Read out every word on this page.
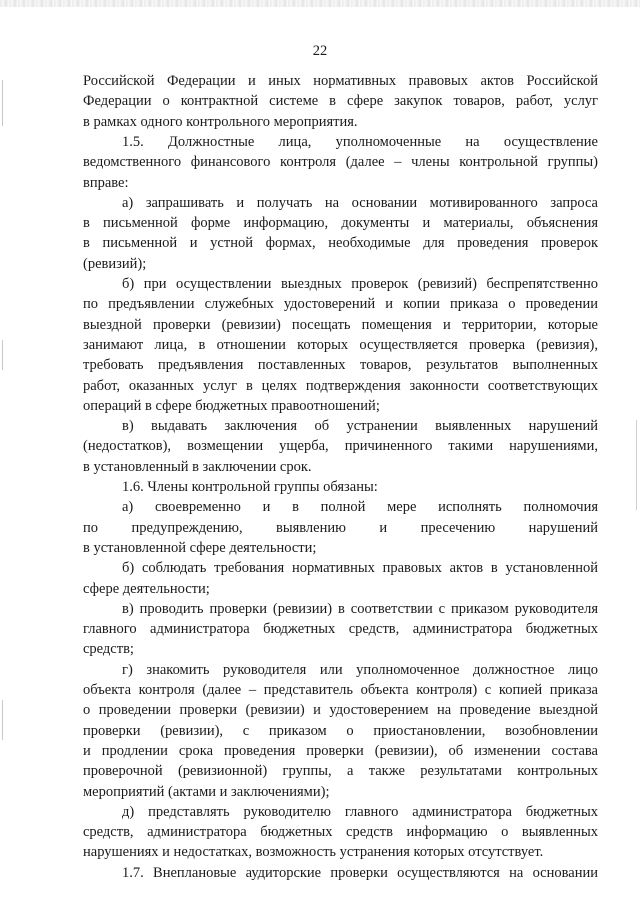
22
Российской Федерации и иных нормативных правовых актов Российской
Федерации о контрактной системе в сфере закупок товаров, работ, услуг
в рамках одного контрольного мероприятия.
1.5. Должностные лица, уполномоченные на осуществление
ведомственного финансового контроля (далее – члены контрольной группы)
вправе:
а) запрашивать и получать на основании мотивированного запроса
в письменной форме информацию, документы и материалы, объяснения
в письменной и устной формах, необходимые для проведения проверок
(ревизий);
б) при осуществлении выездных проверок (ревизий) беспрепятственно
по предъявлении служебных удостоверений и копии приказа о проведении
выездной проверки (ревизии) посещать помещения и территории, которые
занимают лица, в отношении которых осуществляется проверка (ревизия),
требовать предъявления поставленных товаров, результатов выполненных
работ, оказанных услуг в целях подтверждения законности соответствующих
операций в сфере бюджетных правоотношений;
в) выдавать заключения об устранении выявленных нарушений
(недостатков), возмещении ущерба, причиненного такими нарушениями,
в установленный в заключении срок.
1.6. Члены контрольной группы обязаны:
а) своевременно и в полной мере исполнять полномочия
по предупреждению, выявлению и пресечению нарушений
в установленной сфере деятельности;
б) соблюдать требования нормативных правовых актов в установленной
сфере деятельности;
в) проводить проверки (ревизии) в соответствии с приказом руководителя
главного администратора бюджетных средств, администратора бюджетных
средств;
г) знакомить руководителя или уполномоченное должностное лицо
объекта контроля (далее – представитель объекта контроля) с копией приказа
о проведении проверки (ревизии) и удостоверением на проведение выездной
проверки (ревизии), с приказом о приостановлении, возобновлении
и продлении срока проведения проверки (ревизии), об изменении состава
проверочной (ревизионной) группы, а также результатами контрольных
мероприятий (актами и заключениями);
д) представлять руководителю главного администратора бюджетных
средств, администратора бюджетных средств информацию о выявленных
нарушениях и недостатках, возможность устранения которых отсутствует.
1.7. Внеплановые аудиторские проверки осуществляются на основании
